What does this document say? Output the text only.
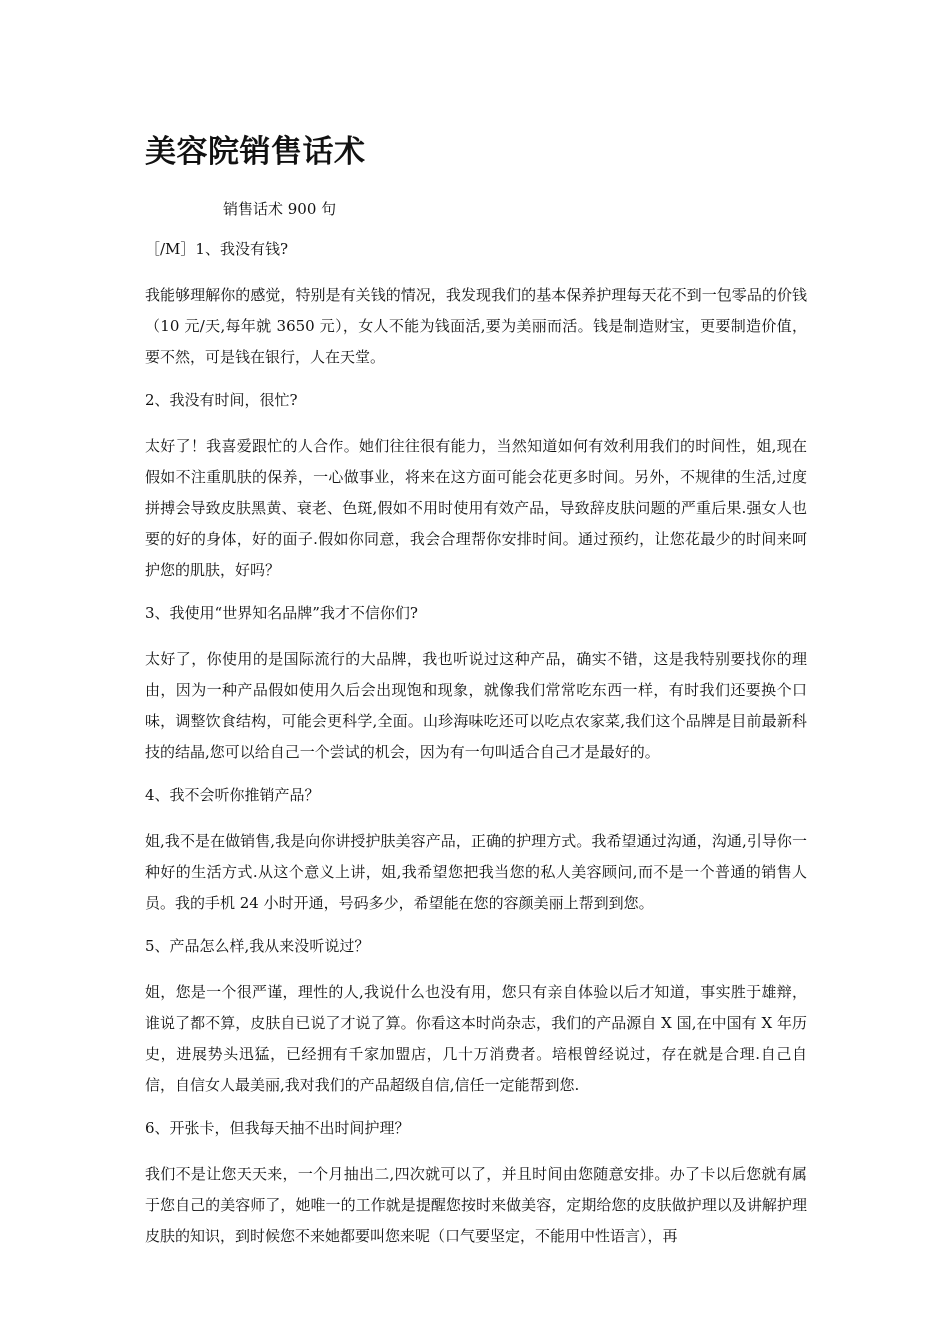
美容院销售话术
销售话术 900 句

［/M］1、我没有钱?

我能够理解你的感觉，特别是有关钱的情况，我发现我们的基本保养护理每天花不到一包零品的价钱（10 元/天,每年就 3650 元），女人不能为钱面活,要为美丽而活。钱是制造财宝，更要制造价值，要不然，可是钱在银行，人在天堂。

2、我没有时间，很忙?

太好了！我喜爱跟忙的人合作。她们往往很有能力，当然知道如何有效利用我们的时间性，姐,现在假如不注重肌肤的保养，一心做事业，将来在这方面可能会花更多时间。另外，不规律的生活,过度拼搏会导致皮肤黑黄、衰老、色斑,假如不用时使用有效产品，导致辞皮肤问题的严重后果.强女人也要的好的身体，好的面子.假如你同意，我会合理帮你安排时间。通过预约，让您花最少的时间来呵护您的肌肤，好吗？

3、我使用“世界知名品牌”我才不信你们?

太好了，你使用的是国际流行的大品牌，我也听说过这种产品，确实不错，这是我特别要找你的理由，因为一种产品假如使用久后会出现饱和现象，就像我们常常吃东西一样，有时我们还要换个口味，调整饮食结构，可能会更科学,全面。山珍海味吃还可以吃点农家菜,我们这个品牌是目前最新科技的结晶,您可以给自己一个尝试的机会，因为有一句叫适合自己才是最好的。

4、我不会听你推销产品？

姐,我不是在做销售,我是向你讲授护肤美容产品，正确的护理方式。我希望通过沟通，沟通,引导你一种好的生活方式.从这个意义上讲，姐,我希望您把我当您的私人美容顾问,而不是一个普通的销售人员。我的手机 24 小时开通，号码多少，希望能在您的容颜美丽上帮到到您。

5、产品怎么样,我从来没听说过？

姐，您是一个很严谨，理性的人,我说什么也没有用，您只有亲自体验以后才知道，事实胜于雄辩，谁说了都不算，皮肤自已说了才说了算。你看这本时尚杂志，我们的产品源自 X 国,在中国有 X 年历史，进展势头迅猛，已经拥有千家加盟店，几十万消费者。培根曾经说过，存在就是合理.自己自信，自信女人最美丽,我对我们的产品超级自信,信任一定能帮到您.

6、开张卡，但我每天抽不出时间护理？

我们不是让您天天来，一个月抽出二,四次就可以了，并且时间由您随意安排。办了卡以后您就有属于您自己的美容师了，她唯一的工作就是提醒您按时来做美容，定期给您的皮肤做护理以及讲解护理皮肤的知识，到时候您不来她都要叫您来呢（口气要坚定，不能用中性语言），再
